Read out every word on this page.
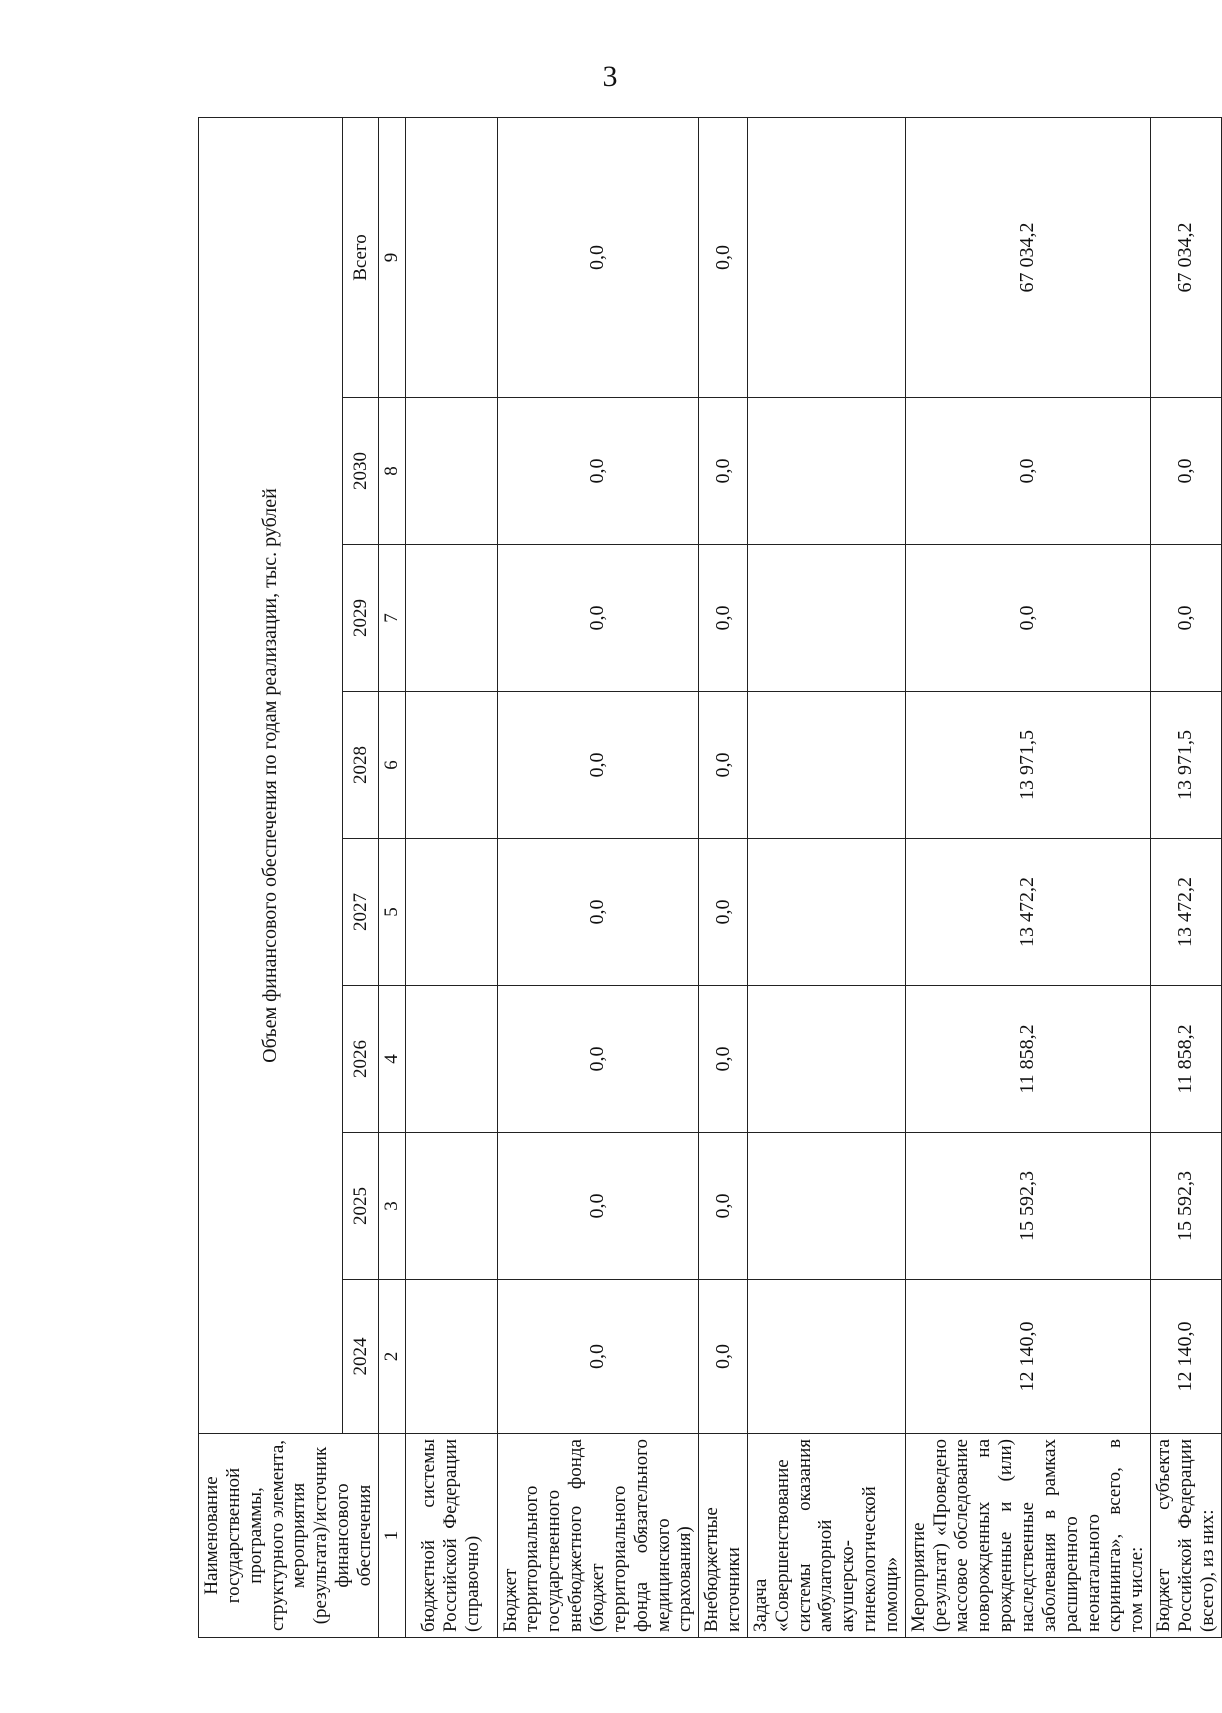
3
Наименование государственной программы, структурного элемента, мероприятия (результата)/источник финансового обеспечения	Объем финансового обеспечения по годам реализации, тыс. рублей							
	2024	2025	2026	2027	2028	2029	2030	Всего
1	2	3	4	5	6	7	8	9
бюджетной системы Российской Федерации (справочно)								
Бюджет территориального государственного внебюджетного фонда (бюджет территориального фонда обязательного медицинского страхования)	0,0	0,0	0,0	0,0	0,0	0,0	0,0	0,0
Внебюджетные источники	0,0	0,0	0,0	0,0	0,0	0,0	0,0	0,0
Задача «Совершенствование системы оказания амбулаторной акушерско-гинекологической помощи»								
Мероприятие (результат) «Проведено массовое обследование новорожденных на врожденные и (или) наследственные заболевания в рамках расширенного неонатального скрининга», всего, в том числе:	12 140,0	15 592,3	11 858,2	13 472,2	13 971,5	0,0	0,0	67 034,2
Бюджет субъекта Российской Федерации (всего), из них:	12 140,0	15 592,3	11 858,2	13 472,2	13 971,5	0,0	0,0	67 034,2
